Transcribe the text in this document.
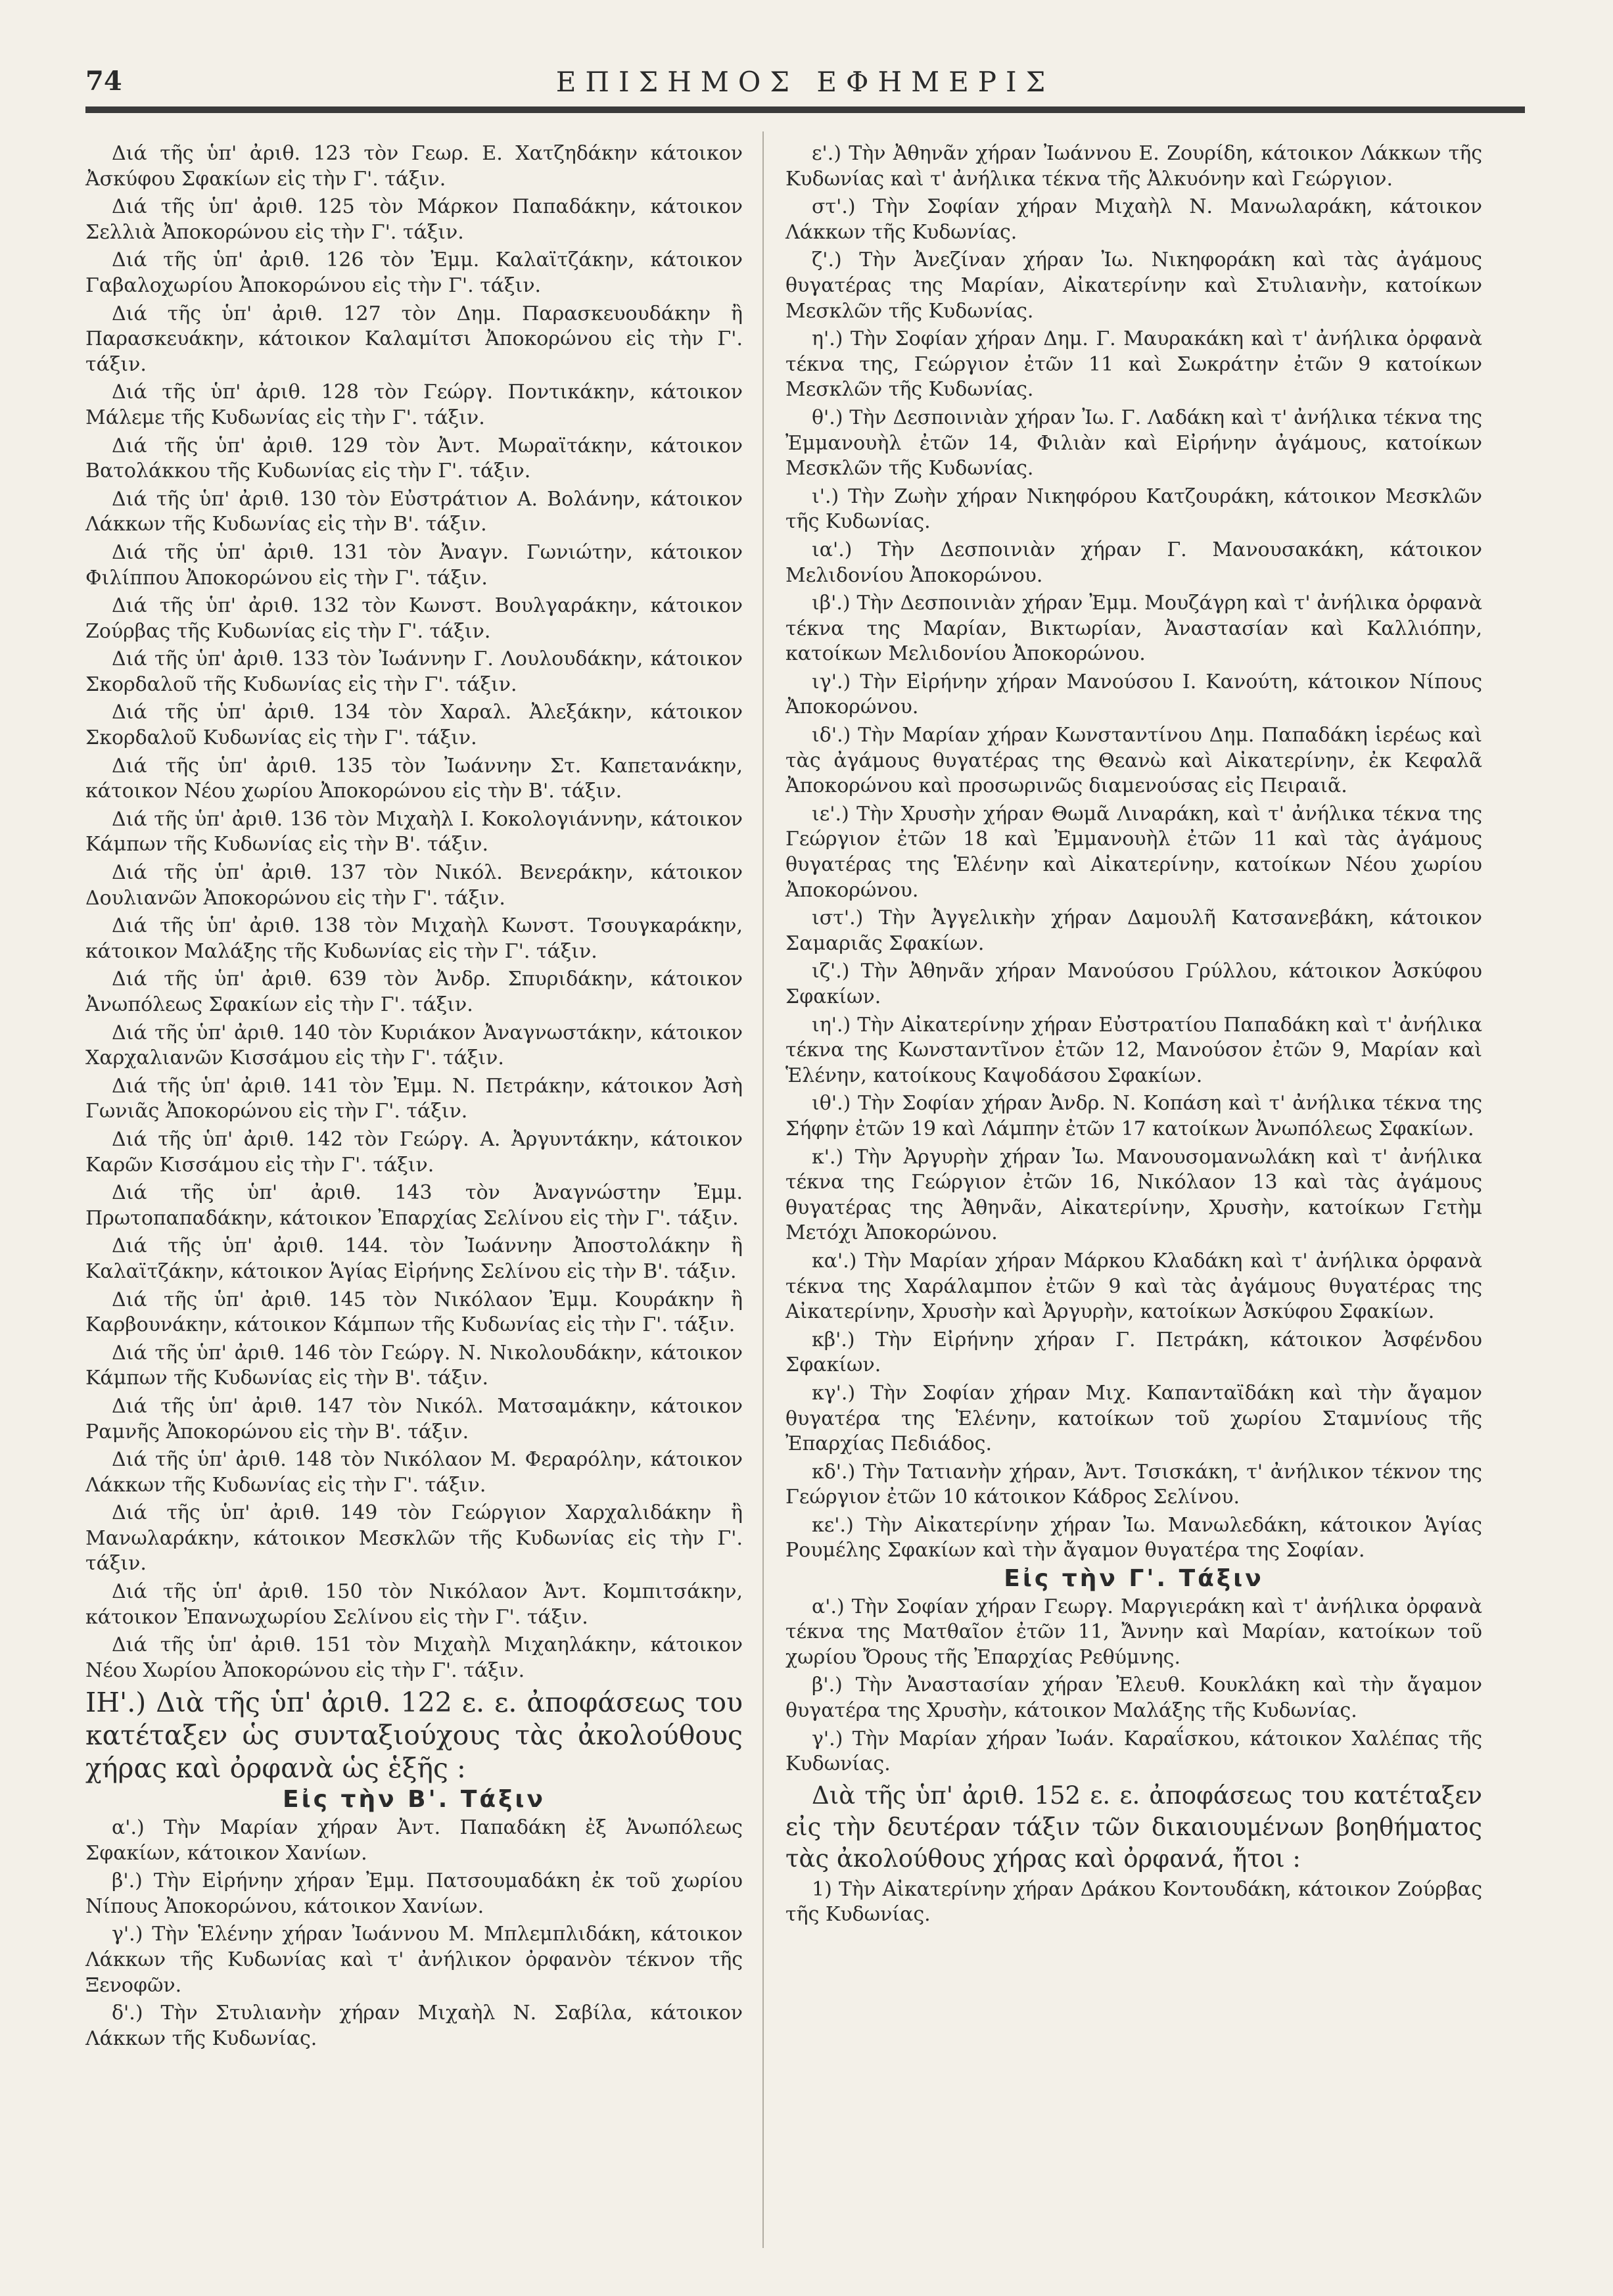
74	ΕΠΙΣΗΜΟΣ ΕΦΗΜΕΡΙΣ

Διά τῆς ὑπ' ἀριθ. 123 τὸν Γεωρ. Ε. Χατζηδάκην κάτοικον Ἀσκύφου Σφακίων εἰς τὴν Γ'. τάξιν.

Διά τῆς ὑπ' ἀριθ. 125 τὸν Μάρκον Παπαδάκην, κάτοικον Σελλιὰ Ἀποκορώνου εἰς τὴν Γ'. τάξιν.

Διά τῆς ὑπ' ἀριθ. 126 τὸν Ἐμμ. Καλαϊτζάκην, κάτοικον Γαβαλοχωρίου Ἀποκορώνου εἰς τὴν Γ'. τάξιν.

Διά τῆς ὑπ' ἀριθ. 127 τὸν Δημ. Παρασκευουδάκην ἢ Παρασκευάκην, κάτοικον Καλαμίτσι Ἀποκορώνου εἰς τὴν Γ'. τάξιν.

Διά τῆς ὑπ' ἀριθ. 128 τὸν Γεώργ. Ποντικάκην, κάτοικον Μάλεμε τῆς Κυδωνίας εἰς τὴν Γ'. τάξιν.

Διά τῆς ὑπ' ἀριθ. 129 τὸν Ἀντ. Μωραϊτάκην, κάτοικον Βατολάκκου τῆς Κυδωνίας εἰς τὴν Γ'. τάξιν.

Διά τῆς ὑπ' ἀριθ. 130 τὸν Εὐστράτιον Α. Βολάνην, κάτοικον Λάκκων τῆς Κυδωνίας εἰς τὴν Β'. τάξιν.

Διά τῆς ὑπ' ἀριθ. 131 τὸν Ἀναγν. Γωνιώτην, κάτοικον Φιλίππου Ἀποκορώνου εἰς τὴν Γ'. τάξιν.

Διά τῆς ὑπ' ἀριθ. 132 τὸν Κωνστ. Βουλγαράκην, κάτοικον Ζούρβας τῆς Κυδωνίας εἰς τὴν Γ'. τάξιν.

Διά τῆς ὑπ' ἀριθ. 133 τὸν Ἰωάννην Γ. Λουλουδάκην, κάτοικον Σκορδαλοῦ τῆς Κυδωνίας εἰς τὴν Γ'. τάξιν.

Διά τῆς ὑπ' ἀριθ. 134 τὸν Χαραλ. Ἀλεξάκην, κάτοικον Σκορδαλοῦ Κυδωνίας εἰς τὴν Γ'. τάξιν.

Διά τῆς ὑπ' ἀριθ. 135 τὸν Ἰωάννην Στ. Καπετανάκην, κάτοικον Νέου χωρίου Ἀποκορώνου εἰς τὴν Β'. τάξιν.

Διά τῆς ὑπ' ἀριθ. 136 τὸν Μιχαὴλ Ι. Κοκολογιάννην, κάτοικον Κάμπων τῆς Κυδωνίας εἰς τὴν Β'. τάξιν.

Διά τῆς ὑπ' ἀριθ. 137 τὸν Νικόλ. Βενεράκην, κάτοικον Δουλιανῶν Ἀποκορώνου εἰς τὴν Γ'. τάξιν.

Διά τῆς ὑπ' ἀριθ. 138 τὸν Μιχαὴλ Κωνστ. Τσουγκαράκην, κάτοικον Μαλάξης τῆς Κυδωνίας εἰς τὴν Γ'. τάξιν.

Διά τῆς ὑπ' ἀριθ. 639 τὸν Ἀνδρ. Σπυριδάκην, κάτοικον Ἀνωπόλεως Σφακίων εἰς τὴν Γ'. τάξιν.

Διά τῆς ὑπ' ἀριθ. 140 τὸν Κυριάκον Ἀναγνωστάκην, κάτοικον Χαρχαλιανῶν Κισσάμου εἰς τὴν Γ'. τάξιν.

Διά τῆς ὑπ' ἀριθ. 141 τὸν Ἐμμ. Ν. Πετράκην, κάτοικον Ἀσὴ Γωνιᾶς Ἀποκορώνου εἰς τὴν Γ'. τάξιν.

Διά τῆς ὑπ' ἀριθ. 142 τὸν Γεώργ. Α. Ἀργυντάκην, κάτοικον Καρῶν Κισσάμου εἰς τὴν Γ'. τάξιν.

Διά τῆς ὑπ' ἀριθ. 143 τὸν Ἀναγνώστην Ἐμμ. Πρωτοπαπαδάκην, κάτοικον Ἐπαρχίας Σελίνου εἰς τὴν Γ'. τάξιν.

Διά τῆς ὑπ' ἀριθ. 144. τὸν Ἰωάννην Ἀποστολάκην ἢ Καλαϊτζάκην, κάτοικον Ἁγίας Εἰρήνης Σελίνου εἰς τὴν Β'. τάξιν.

Διά τῆς ὑπ' ἀριθ. 145 τὸν Νικόλαον Ἐμμ. Κουράκην ἢ Καρβουνάκην, κάτοικον Κάμπων τῆς Κυδωνίας εἰς τὴν Γ'. τάξιν.

Διά τῆς ὑπ' ἀριθ. 146 τὸν Γεώργ. Ν. Νικολουδάκην, κάτοικον Κάμπων τῆς Κυδωνίας εἰς τὴν Β'. τάξιν.

Διά τῆς ὑπ' ἀριθ. 147 τὸν Νικόλ. Ματσαμάκην, κάτοικον Ραμνῆς Ἀποκορώνου εἰς τὴν Β'. τάξιν.

Διά τῆς ὑπ' ἀριθ. 148 τὸν Νικόλαον Μ. Φεραρόλην, κάτοικον Λάκκων τῆς Κυδωνίας εἰς τὴν Γ'. τάξιν.

Διά τῆς ὑπ' ἀριθ. 149 τὸν Γεώργιον Χαρχαλιδάκην ἢ Μανωλαράκην, κάτοικον Μεσκλῶν τῆς Κυδωνίας εἰς τὴν Γ'. τάξιν.

Διά τῆς ὑπ' ἀριθ. 150 τὸν Νικόλαον Ἀντ. Κομπιτσάκην, κάτοικον Ἐπανωχωρίου Σελίνου εἰς τὴν Γ'. τάξιν.

Διά τῆς ὑπ' ἀριθ. 151 τὸν Μιχαὴλ Μιχαηλάκην, κάτοικον Νέου Χωρίου Ἀποκορώνου εἰς τὴν Γ'. τάξιν.

ΙΗ'.) Διὰ τῆς ὑπ' ἀριθ. 122 ε. ε. ἀποφάσεως του κατέταξεν ὡς συνταξιούχους τὰς ἀκολούθους χήρας καὶ ὀρφανὰ ὡς ἑξῆς :

Εἰς τὴν Β'. Τάξιν

α'.) Τὴν Μαρίαν χήραν Ἀντ. Παπαδάκη ἐξ Ἀνωπόλεως Σφακίων, κάτοικον Χανίων.

β'.) Τὴν Εἰρήνην χήραν Ἐμμ. Πατσουμαδάκη ἐκ τοῦ χωρίου Νίπους Ἀποκορώνου, κάτοικον Χανίων.

γ'.) Τὴν Ἑλένην χήραν Ἰωάννου Μ. Μπλεμπλιδάκη, κάτοικον Λάκκων τῆς Κυδωνίας καὶ τ' ἀνήλικον ὀρφανὸν τέκνον τῆς Ξενοφῶν.

δ'.) Τὴν Στυλιανὴν χήραν Μιχαὴλ Ν. Σαβίλα, κάτοικον Λάκκων τῆς Κυδωνίας.

ε'.) Τὴν Ἀθηνᾶν χήραν Ἰωάννου Ε. Ζουρίδη, κάτοικον Λάκκων τῆς Κυδωνίας καὶ τ' ἀνήλικα τέκνα τῆς Ἀλκυόνην καὶ Γεώργιον.

στ'.) Τὴν Σοφίαν χήραν Μιχαὴλ Ν. Μανωλαράκη, κάτοικον Λάκκων τῆς Κυδωνίας.

ζ'.) Τὴν Ἀνεζίναν χήραν Ἰω. Νικηφοράκη καὶ τὰς ἀγάμους θυγατέρας της Μαρίαν, Αἰκατερίνην καὶ Στυλιανὴν, κατοίκων Μεσκλῶν τῆς Κυδωνίας.

η'.) Τὴν Σοφίαν χήραν Δημ. Γ. Μαυρακάκη καὶ τ' ἀνήλικα ὀρφανὰ τέκνα της, Γεώργιον ἐτῶν 11 καὶ Σωκράτην ἐτῶν 9 κατοίκων Μεσκλῶν τῆς Κυδωνίας.

θ'.) Τὴν Δεσποινιὰν χήραν Ἰω. Γ. Λαδάκη καὶ τ' ἀνήλικα τέκνα της Ἐμμανουὴλ ἐτῶν 14, Φιλιὰν καὶ Εἰρήνην ἀγάμους, κατοίκων Μεσκλῶν τῆς Κυδωνίας.

ι'.) Τὴν Ζωὴν χήραν Νικηφόρου Κατζουράκη, κάτοικον Μεσκλῶν τῆς Κυδωνίας.

ια'.) Τὴν Δεσποινιὰν χήραν Γ. Μανουσακάκη, κάτοικον Μελιδονίου Ἀποκορώνου.

ιβ'.) Τὴν Δεσποινιὰν χήραν Ἐμμ. Μουζάγρη καὶ τ' ἀνήλικα ὀρφανὰ τέκνα της Μαρίαν, Βικτωρίαν, Ἀναστασίαν καὶ Καλλιόπην, κατοίκων Μελιδονίου Ἀποκορώνου.

ιγ'.) Τὴν Εἰρήνην χήραν Μανούσου Ι. Κανούτη, κάτοικον Νίπους Ἀποκορώνου.

ιδ'.) Τὴν Μαρίαν χήραν Κωνσταντίνου Δημ. Παπαδάκη ἱερέως καὶ τὰς ἀγάμους θυγατέρας της Θεανὼ καὶ Αἰκατερίνην, ἐκ Κεφαλᾶ Ἀποκορώνου καὶ προσωρινῶς διαμενούσας εἰς Πειραιᾶ.

ιε'.) Τὴν Χρυσὴν χήραν Θωμᾶ Λιναράκη, καὶ τ' ἀνήλικα τέκνα της Γεώργιον ἐτῶν 18 καὶ Ἐμμανουὴλ ἐτῶν 11 καὶ τὰς ἀγάμους θυγατέρας της Ἑλένην καὶ Αἰκατερίνην, κατοίκων Νέου χωρίου Ἀποκορώνου.

ιστ'.) Τὴν Ἀγγελικὴν χήραν Δαμουλῆ Κατσανεβάκη, κάτοικον Σαμαριᾶς Σφακίων.

ιζ'.) Τὴν Ἀθηνᾶν χήραν Μανούσου Γρύλλου, κάτοικον Ἀσκύφου Σφακίων.

ιη'.) Τὴν Αἰκατερίνην χήραν Εὐστρατίου Παπαδάκη καὶ τ' ἀνήλικα τέκνα της Κωνσταντῖνον ἐτῶν 12, Μανούσον ἐτῶν 9, Μαρίαν καὶ Ἑλένην, κατοίκους Καψοδάσου Σφακίων.

ιθ'.) Τὴν Σοφίαν χήραν Ἀνδρ. Ν. Κοπάση καὶ τ' ἀνήλικα τέκνα της Σήφην ἐτῶν 19 καὶ Λάμπην ἐτῶν 17 κατοίκων Ἀνωπόλεως Σφακίων.

κ'.) Τὴν Ἀργυρὴν χήραν Ἰω. Μανουσομανωλάκη καὶ τ' ἀνήλικα τέκνα της Γεώργιον ἐτῶν 16, Νικόλαον 13 καὶ τὰς ἀγάμους θυγατέρας της Ἀθηνᾶν, Αἰκατερίνην, Χρυσὴν, κατοίκων Γετὴμ Μετόχι Ἀποκορώνου.

κα'.) Τὴν Μαρίαν χήραν Μάρκου Κλαδάκη καὶ τ' ἀνήλικα ὀρφανὰ τέκνα της Χαράλαμπον ἐτῶν 9 καὶ τὰς ἀγάμους θυγατέρας της Αἰκατερίνην, Χρυσὴν καὶ Ἀργυρὴν, κατοίκων Ἀσκύφου Σφακίων.

κβ'.) Τὴν Εἰρήνην χήραν Γ. Πετράκη, κάτοικον Ἀσφένδου Σφακίων.

κγ'.) Τὴν Σοφίαν χήραν Μιχ. Καπανταϊδάκη καὶ τὴν ἄγαμον θυγατέρα της Ἑλένην, κατοίκων τοῦ χωρίου Σταμνίους τῆς Ἐπαρχίας Πεδιάδος.

κδ'.) Τὴν Τατιανὴν χήραν, Ἀντ. Τσισκάκη, τ' ἀνήλικον τέκνον της Γεώργιον ἐτῶν 10 κάτοικον Κάδρος Σελίνου.

κε'.) Τὴν Αἰκατερίνην χήραν Ἰω. Μανωλεδάκη, κάτοικον Ἁγίας Ρουμέλης Σφακίων καὶ τὴν ἄγαμον θυγατέρα της Σοφίαν.

Εἰς τὴν Γ'. Τάξιν

α'.) Τὴν Σοφίαν χήραν Γεωργ. Μαργιεράκη καὶ τ' ἀνήλικα ὀρφανὰ τέκνα της Ματθαῖον ἐτῶν 11, Ἄννην καὶ Μαρίαν, κατοίκων τοῦ χωρίου Ὄρους τῆς Ἐπαρχίας Ρεθύμνης.

β'.) Τὴν Ἀναστασίαν χήραν Ἐλευθ. Κουκλάκη καὶ τὴν ἄγαμον θυγατέρα της Χρυσὴν, κάτοικον Μαλάξης τῆς Κυδωνίας.

γ'.) Τὴν Μαρίαν χήραν Ἰωάν. Καραΐσκου, κάτοικον Χαλέπας τῆς Κυδωνίας.

Διὰ τῆς ὑπ' ἀριθ. 152 ε. ε. ἀποφάσεως του κατέταξεν εἰς τὴν δευτέραν τάξιν τῶν δικαιουμένων βοηθήματος τὰς ἀκολούθους χήρας καὶ ὀρφανά, ἤτοι :

1) Τὴν Αἰκατερίνην χήραν Δράκου Κοντουδάκη, κάτοικον Ζούρβας τῆς Κυδωνίας.
